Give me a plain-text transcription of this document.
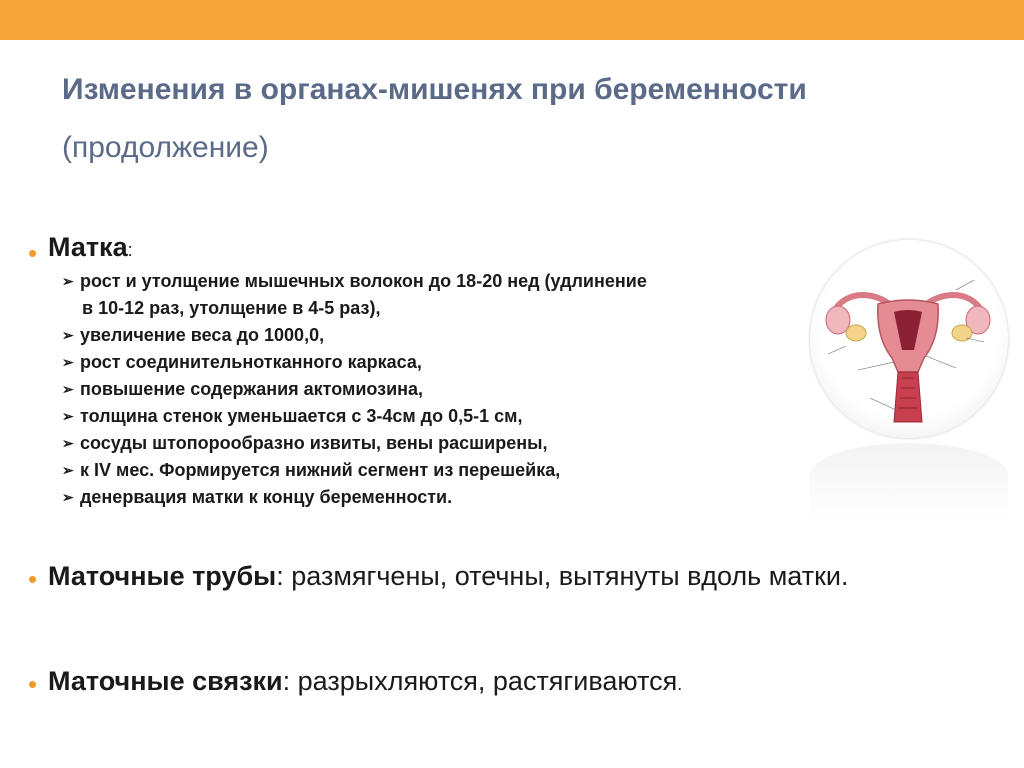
Изменения в органах-мишенях при беременности
(продолжение)
• Матка:
➢ рост и утолщение мышечных волокон до 18-20 нед (удлинение
в 10-12 раз, утолщение в 4-5 раз),
➢ увеличение веса до 1000,0,
➢ рост соединительнотканного каркаса,
➢ повышение содержания актомиозина,
➢ толщина стенок уменьшается с 3-4см до 0,5-1 см,
➢ сосуды штопорообразно извиты, вены расширены,
➢ к IV мес. Формируется нижний сегмент из перешейка,
➢ денервация матки к концу беременности.
• Маточные трубы: размягчены, отечны, вытянуты вдоль матки.
• Маточные связки: разрыхляются, растягиваются.
